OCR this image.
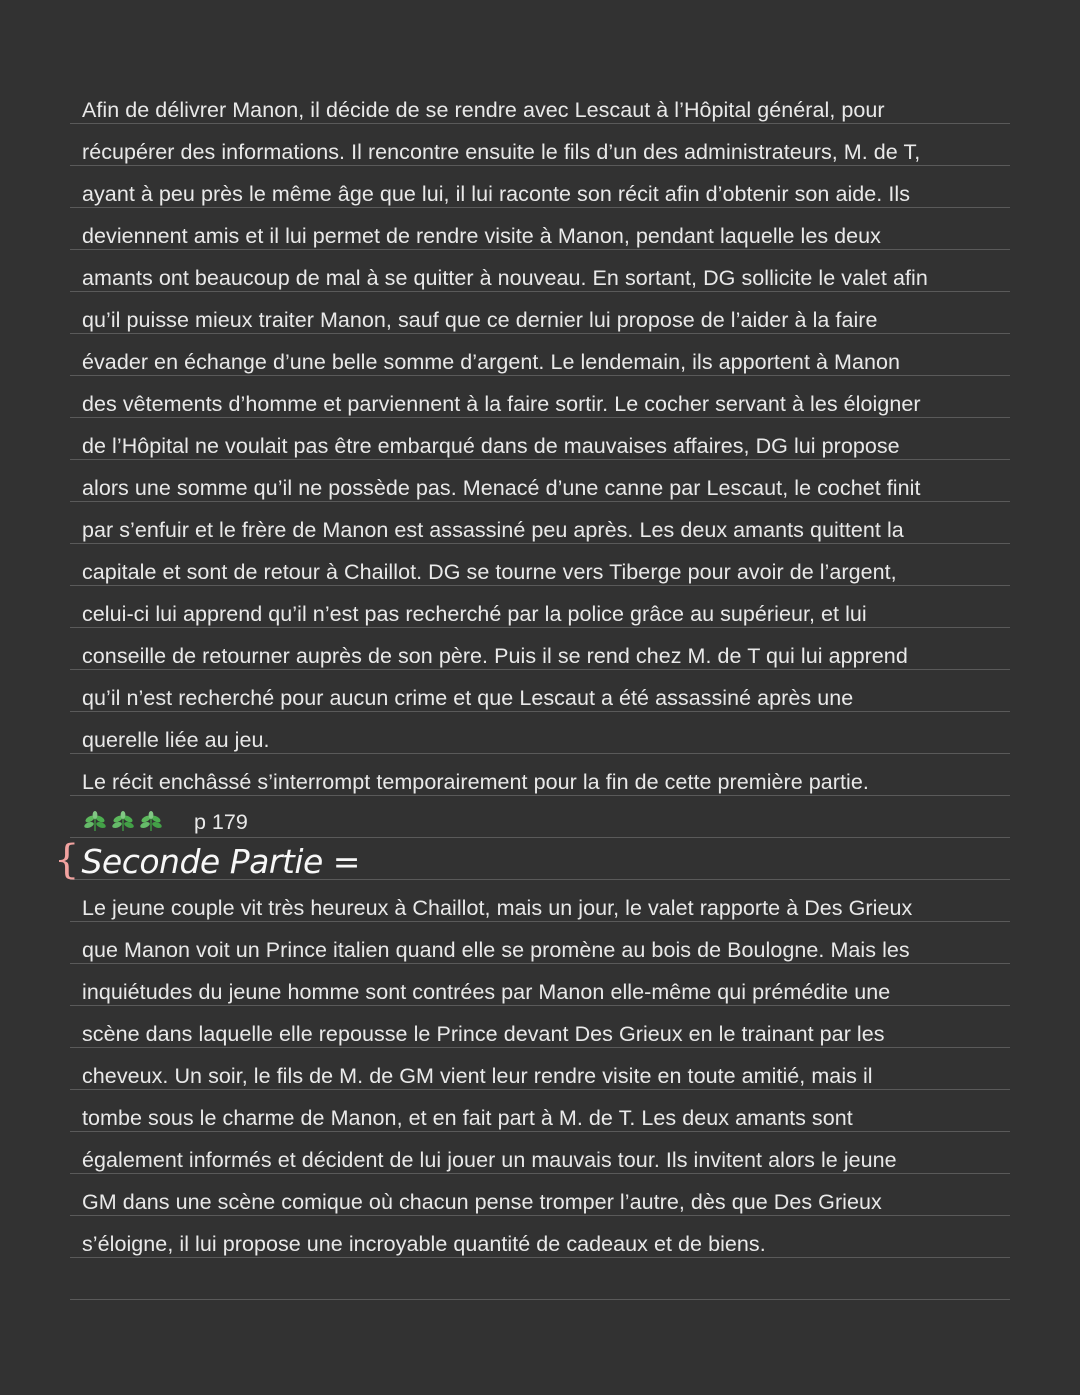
Afin de délivrer Manon, il décide de se rendre avec Lescaut à l’Hôpital général, pour
récupérer des informations. Il rencontre ensuite le fils d’un des administrateurs, M. de T,
ayant à peu près le même âge que lui, il lui raconte son récit afin d’obtenir son aide. Ils
deviennent amis et il lui permet de rendre visite à Manon, pendant laquelle les deux
amants ont beaucoup de mal à se quitter à nouveau. En sortant, DG sollicite le valet afin
qu’il puisse mieux traiter Manon, sauf que ce dernier lui propose de l’aider à la faire
évader en échange d’une belle somme d’argent. Le lendemain, ils apportent à Manon
des vêtements d’homme et parviennent à la faire sortir. Le cocher servant à les éloigner
de l’Hôpital ne voulait pas être embarqué dans de mauvaises affaires, DG lui propose
alors une somme qu’il ne possède pas. Menacé d’une canne par Lescaut, le cochet finit
par s’enfuir et le frère de Manon est assassiné peu après. Les deux amants quittent la
capitale et sont de retour à Chaillot. DG se tourne vers Tiberge pour avoir de l’argent,
celui-ci lui apprend qu’il n’est pas recherché par la police grâce au supérieur, et lui
conseille de retourner auprès de son père. Puis il se rend chez M. de T qui lui apprend
qu’il n’est recherché pour aucun crime et que Lescaut a été assassiné après une
querelle liée au jeu.
Le récit enchâssé s’interrompt temporairement pour la fin de cette première partie.
p 179
{ Seconde Partie =
Le jeune couple vit très heureux à Chaillot, mais un jour, le valet rapporte à Des Grieux
que Manon voit un Prince italien quand elle se promène au bois de Boulogne. Mais les
inquiétudes du jeune homme sont contrées par Manon elle-même qui prémédite une
scène dans laquelle elle repousse le Prince devant Des Grieux en le trainant par les
cheveux. Un soir, le fils de M. de GM vient leur rendre visite en toute amitié, mais il
tombe sous le charme de Manon, et en fait part à M. de T. Les deux amants sont
également informés et décident de lui jouer un mauvais tour. Ils invitent alors le jeune
GM dans une scène comique où chacun pense tromper l’autre, dès que Des Grieux
s’éloigne, il lui propose une incroyable quantité de cadeaux et de biens.
